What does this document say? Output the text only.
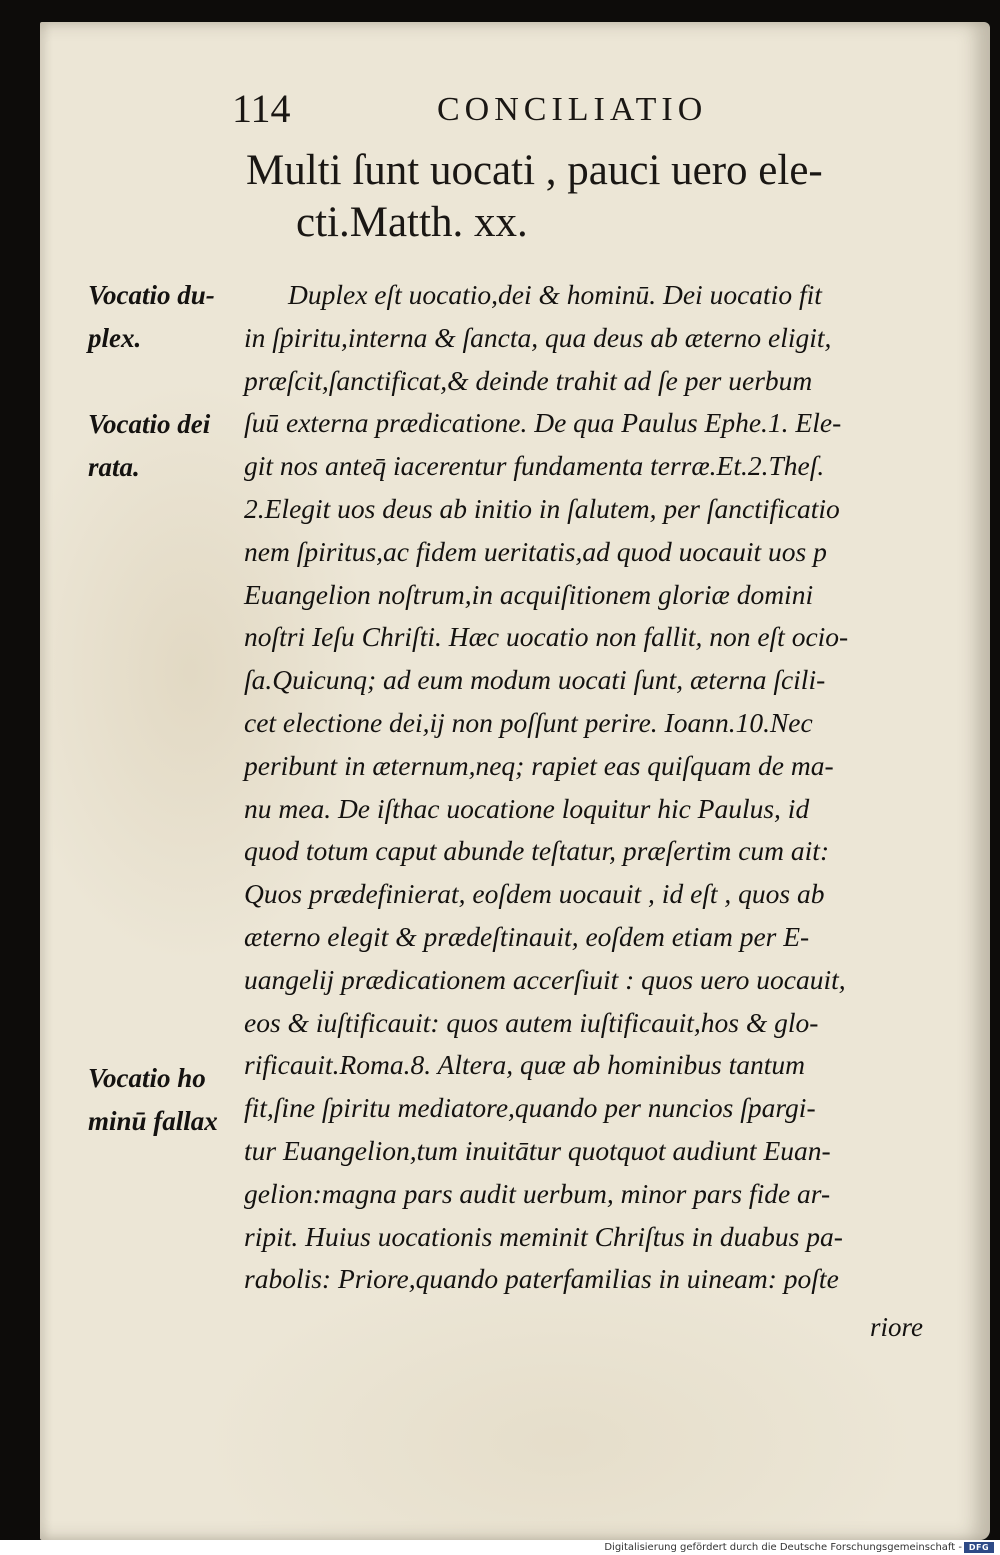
114	CONCILIATIO
Multi ſunt uocati , pauci uero ele-
cti.Matth. xx.
Vocatio du-
plex.
Vocatio dei
rata.
Vocatio ho
minū fallax
Duplex eſt uocatio,dei & hominū. Dei uocatio fit
in ſpiritu,interna & ſancta, qua deus ab æterno eligit,
præſcit,ſanctificat,& deinde trahit ad ſe per uerbum
ſuū externa prædicatione. De qua Paulus Ephe.1. Ele-
git nos anteq̄ iacerentur fundamenta terræ.Et.2.Theſ.
2.Elegit uos deus ab initio in ſalutem, per ſanctificatio
nem ſpiritus,ac fidem ueritatis,ad quod uocauit uos p
Euangelion noſtrum,in acquiſitionem gloriæ domini
noſtri Ieſu Chriſti. Hæc uocatio non fallit, non eſt ocio-
ſa.Quicunq; ad eum modum uocati ſunt, æterna ſcili-
cet electione dei,ij non poſſunt perire. Ioann.10.Nec
peribunt in æternum,neq; rapiet eas quiſquam de ma-
nu mea. De iſthac uocatione loquitur hic Paulus, id
quod totum caput abunde teſtatur, præſertim cum ait:
Quos prædefinierat, eoſdem uocauit , id eſt , quos ab
æterno elegit & prædeſtinauit, eoſdem etiam per E-
uangelij prædicationem accerſiuit : quos uero uocauit,
eos & iuſtificauit: quos autem iuſtificauit,hos & glo-
rificauit.Roma.8. Altera, quæ ab hominibus tantum
fit,ſine ſpiritu mediatore,quando per nuncios ſpargi-
tur Euangelion,tum inuitātur quotquot audiunt Euan-
gelion:magna pars audit uerbum, minor pars fide ar-
ripit. Huius uocationis meminit Chriſtus in duabus pa-
rabolis: Priore,quando paterfamilias in uineam: poſte
riore
Digitalisierung gefördert durch die Deutsche Forschungsgemeinschaft - DFG
